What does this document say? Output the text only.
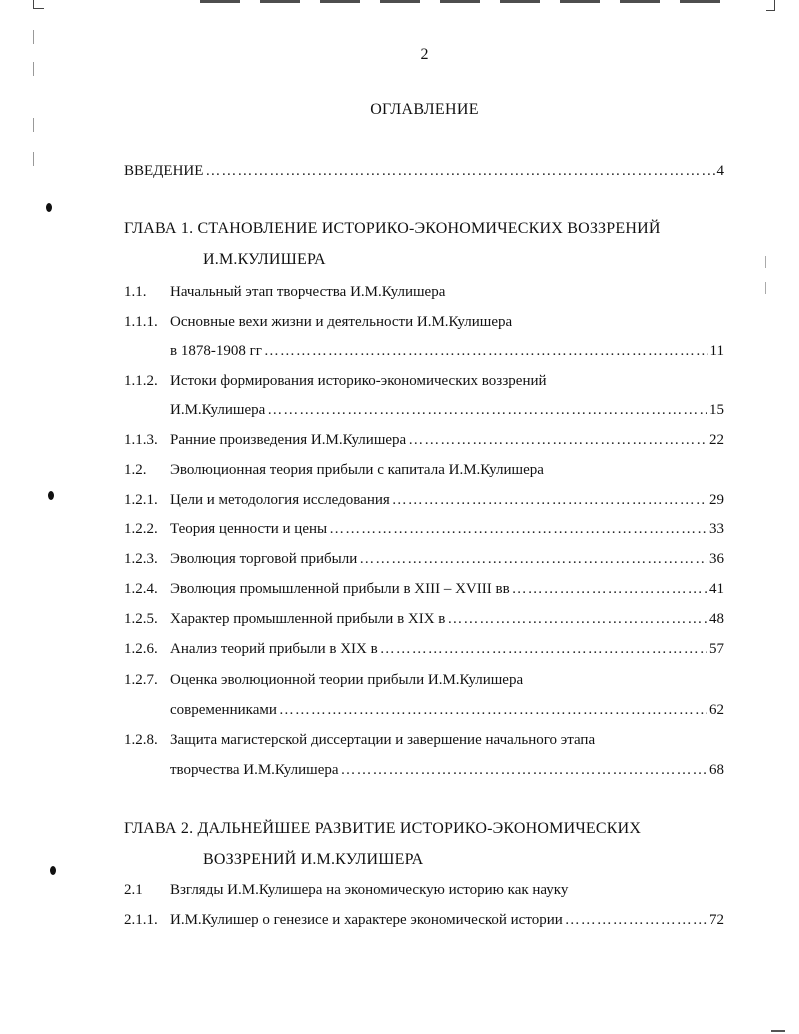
2
ОГЛАВЛЕНИЕ
ВВЕДЕНИЕ …………………………………………………………………………………………………………………………………………	4
ГЛАВА 1. СТАНОВЛЕНИЕ ИСТОРИКО-ЭКОНОМИЧЕСКИХ ВОЗЗРЕНИЙ
И.М.КУЛИШЕРА
1.1. Начальный этап творчества И.М.Кулишера
1.1.1. Основные вехи жизни и деятельности И.М.Кулишера
в 1878-1908 гг …………………………………………………………………………………………………………………………………………	11
1.1.2. Истоки формирования историко-экономических воззрений
И.М.Кулишера …………………………………………………………………………………………………………………………………………	15
1.1.3. Ранние произведения И.М.Кулишера …………………………………………………………………………………………………………………………………………	22
1.2. Эволюционная теория прибыли с капитала И.М.Кулишера
1.2.1. Цели и методология исследования …………………………………………………………………………………………………………………………………………	29
1.2.2. Теория ценности и цены …………………………………………………………………………………………………………………………………………	33
1.2.3. Эволюция торговой прибыли …………………………………………………………………………………………………………………………………………	36
1.2.4. Эволюция промышленной прибыли в XIII – XVIII вв …………………………………………………………………………………………………………………………………………	41
1.2.5. Характер промышленной прибыли в XIX в …………………………………………………………………………………………………………………………………………	48
1.2.6. Анализ теорий прибыли в XIX в …………………………………………………………………………………………………………………………………………	57
1.2.7. Оценка эволюционной теории прибыли И.М.Кулишера
современниками …………………………………………………………………………………………………………………………………………	62
1.2.8. Защита магистерской диссертации и завершение начального этапа
творчества И.М.Кулишера …………………………………………………………………………………………………………………………………………	68
ГЛАВА 2. ДАЛЬНЕЙШЕЕ РАЗВИТИЕ ИСТОРИКО-ЭКОНОМИЧЕСКИХ
ВОЗЗРЕНИЙ И.М.КУЛИШЕРА
2.1 Взгляды И.М.Кулишера на экономическую историю как науку
2.1.1. И.М.Кулишер о генезисе и характере экономической истории …………………………………………………………………………………………………………………………………………	72
